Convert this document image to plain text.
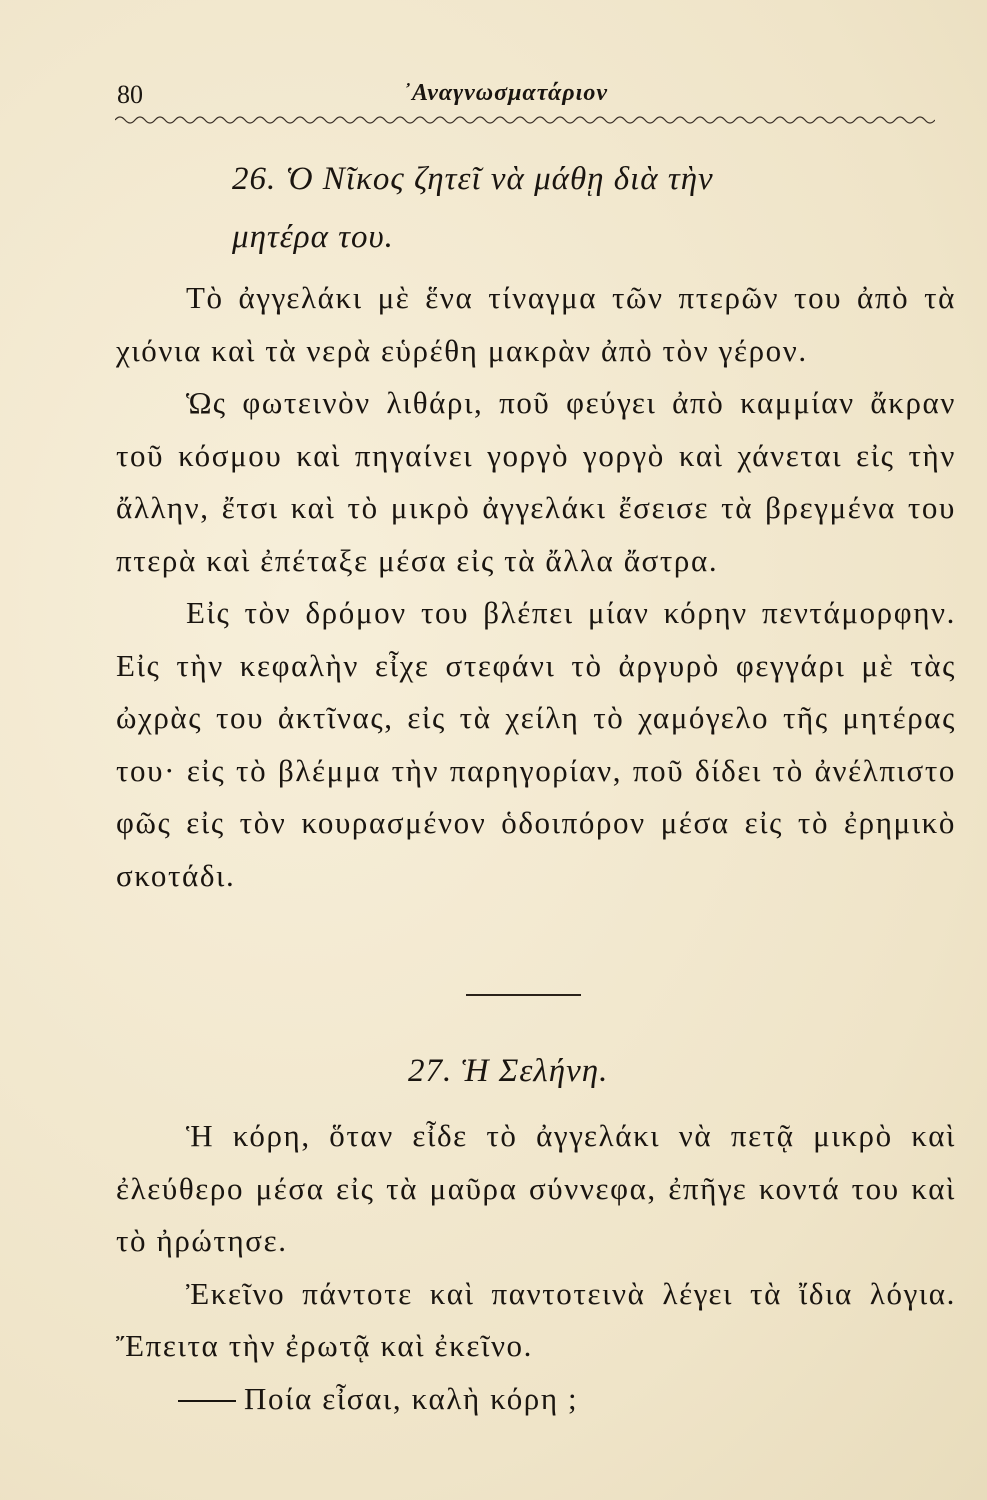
80	᾿Αναγνωσματάριον
26. Ὁ Νῖκος ζητεῖ νὰ μάθῃ διὰ τὴν
μητέρα του.

Τὸ ἀγγελάκι μὲ ἕνα τίναγμα τῶν πτερῶν του ἀπὸ τὰ χιόνια καὶ τὰ νερὰ εὑρέθη μακρὰν ἀπὸ τὸν γέρον.

Ὡς φωτεινὸν λιθάρι, ποῦ φεύγει ἀπὸ καμμίαν ἄκραν τοῦ κόσμου καὶ πηγαίνει γοργὸ γοργὸ καὶ χάνεται εἰς τὴν ἄλλην, ἔτσι καὶ τὸ μικρὸ ἀγγελάκι ἔσεισε τὰ βρεγμένα του πτερὰ καὶ ἐπέταξε μέσα εἰς τὰ ἄλλα ἄστρα.

Εἰς τὸν δρόμον του βλέπει μίαν κόρην πεντάμορφην. Εἰς τὴν κεφαλὴν εἶχε στεφάνι τὸ ἀργυρὸ φεγγάρι μὲ τὰς ὠχρὰς του ἀκτῖνας, εἰς τὰ χείλη τὸ χαμόγελο τῆς μητέρας του· εἰς τὸ βλέμμα τὴν παρηγορίαν, ποῦ δίδει τὸ ἀνέλπιστο φῶς εἰς τὸν κουρασμένον ὁδοιπόρον μέσα εἰς τὸ ἐρημικὸ σκοτάδι.

27. Ἡ Σελήνη.

Ἡ κόρη, ὅταν εἶδε τὸ ἀγγελάκι νὰ πετᾷ μικρὸ καὶ ἐλεύθερο μέσα εἰς τὰ μαῦρα σύννεφα, ἐπῆγε κοντά του καὶ τὸ ἠρώτησε.

Ἐκεῖνο πάντοτε καὶ παντοτεινὰ λέγει τὰ ἴδια λόγια. Ἔπειτα τὴν ἐρωτᾷ καὶ ἐκεῖνο.

Ποία εἶσαι, καλὴ κόρη ;
